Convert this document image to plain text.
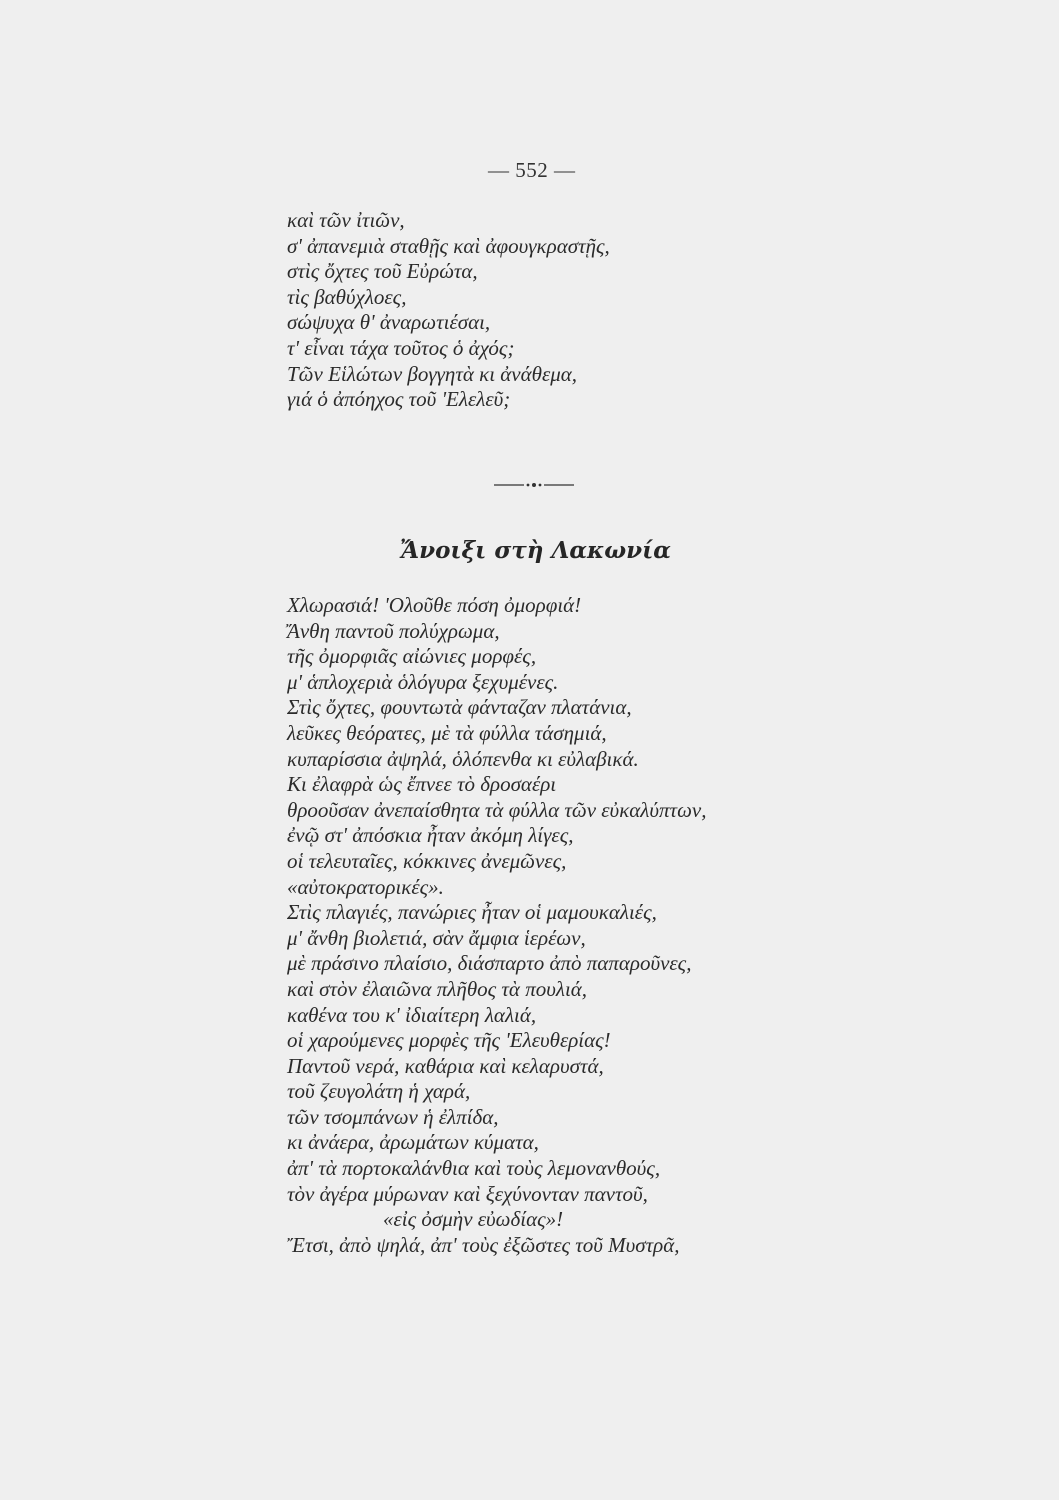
— 552 —
καὶ τῶν ἰτιῶν,
σ' ἀπανεμιὰ σταθῇς καὶ ἀφουγκραστῇς,
στὶς ὄχτες τοῦ Εὐρώτα,
τὶς βαθύχλοες,
σώψυχα θ' ἀναρωτιέσαι,
τ' εἶναι τάχα τοῦτος ὁ ἀχός;
Τῶν Εἱλώτων βογγητὰ κι ἀνάθεμα,
γιά ὁ ἀπόηχος τοῦ 'Ελελεῦ;
Ἄνοιξι στὴ Λακωνία
Χλωρασιά! 'Ολοῦθε πόση ὀμορφιά!
Ἄνθη παντοῦ πολύχρωμα,
τῆς ὀμορφιᾶς αἰώνιες μορφές,
μ' ἁπλοχεριὰ ὁλόγυρα ξεχυμένες.
Στὶς ὄχτες, φουντωτὰ φάνταζαν πλατάνια,
λεῦκες θεόρατες, μὲ τὰ φύλλα τάσημιά,
κυπαρίσσια ἀψηλά, ὁλόπενθα κι εὐλαβικά.
Κι ἐλαφρὰ ὡς ἔπνεε τὸ δροσαέρι
θροοῦσαν ἀνεπαίσθητα τὰ φύλλα τῶν εὐκαλύπτων,
ἐνῷ στ' ἀπόσκια ἦταν ἀκόμη λίγες,
οἱ τελευταῖες, κόκκινες ἀνεμῶνες,
«αὐτοκρατορικές».
Στὶς πλαγιές, πανώριες ἦταν οἱ μαμουκαλιές,
μ' ἄνθη βιολετιά, σὰν ἄμφια ἱερέων,
μὲ πράσινο πλαίσιο, διάσπαρτο ἀπὸ παπαροῦνες,
καὶ στὸν ἐλαιῶνα πλῆθος τὰ πουλιά,
καθένα του κ' ἰδιαίτερη λαλιά,
οἱ χαρούμενες μορφὲς τῆς 'Ελευθερίας!
Παντοῦ νερά, καθάρια καὶ κελαρυστά,
τοῦ ζευγολάτη ἡ χαρά,
τῶν τσομπάνων ἡ ἐλπίδα,
κι ἀνάερα, ἀρωμάτων κύματα,
ἀπ' τὰ πορτοκαλάνθια καὶ τοὺς λεμονανθούς,
τὸν ἀγέρα μύρωναν καὶ ξεχύνονταν παντοῦ,
«εἰς ὀσμὴν εὐωδίας»!
Ἔτσι, ἀπὸ ψηλά, ἀπ' τοὺς ἐξῶστες τοῦ Μυστρᾶ,
